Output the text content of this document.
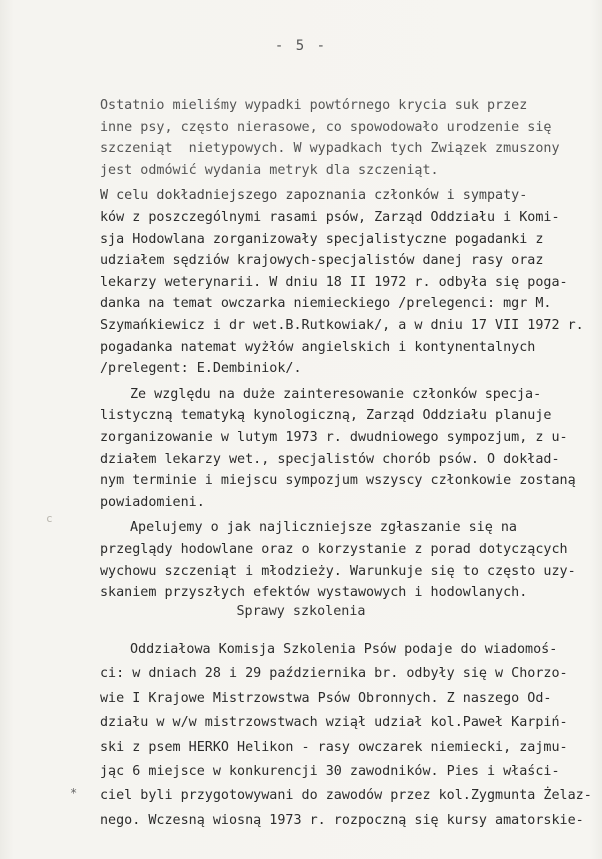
- 5 -
c
*
Ostatnio mieliśmy wypadki powtórnego krycia suk przez
inne psy, często nierasowe, co spowodowało urodzenie się
szczeniąt  nietypowych. W wypadkach tych Związek zmuszony
jest odmówić wydania metryk dla szczeniąt.
W celu dokładniejszego zapoznania członków i sympaty-
ków z poszczególnymi rasami psów, Zarząd Oddziału i Komi-
sja Hodowlana zorganizowały specjalistyczne pogadanki z
udziałem sędziów krajowych-specjalistów danej rasy oraz
lekarzy weterynarii. W dniu 18 II 1972 r. odbyła się poga-
danka na temat owczarka niemieckiego /prelegenci: mgr M.
Szymańkiewicz i dr wet.B.Rutkowiak/, a w dniu 17 VII 1972 r.
pogadanka natemat wyżłów angielskich i kontynentalnych
/prelegent: E.Dembiniok/.
Ze względu na duże zainteresowanie członków specja-
listyczną tematyką kynologiczną, Zarząd Oddziału planuje
zorganizowanie w lutym 1973 r. dwudniowego sympozjum, z u-
działem lekarzy wet., specjalistów chorób psów. O dokład-
nym terminie i miejscu sympozjum wszyscy członkowie zostaną
powiadomieni.
Apelujemy o jak najliczniejsze zgłaszanie się na
przeglądy hodowlane oraz o korzystanie z porad dotyczących
wychowu szczeniąt i młodzieży. Warunkuje się to często uzy-
skaniem przyszłych efektów wystawowych i hodowlanych.
Sprawy szkolenia
Oddziałowa Komisja Szkolenia Psów podaje do wiadomoś-
ci: w dniach 28 i 29 października br. odbyły się w Chorzo-
wie I Krajowe Mistrzowstwa Psów Obronnych. Z naszego Od-
działu w w/w mistrzowstwach wziął udział kol.Paweł Karpiń-
ski z psem HERKO Helikon - rasy owczarek niemiecki, zajmu-
jąc 6 miejsce w konkurencji 30 zawodników. Pies i właści-
ciel byli przygotowywani do zawodów przez kol.Zygmunta Żelaz-
nego. Wczesną wiosną 1973 r. rozpoczną się kursy amatorskie-
